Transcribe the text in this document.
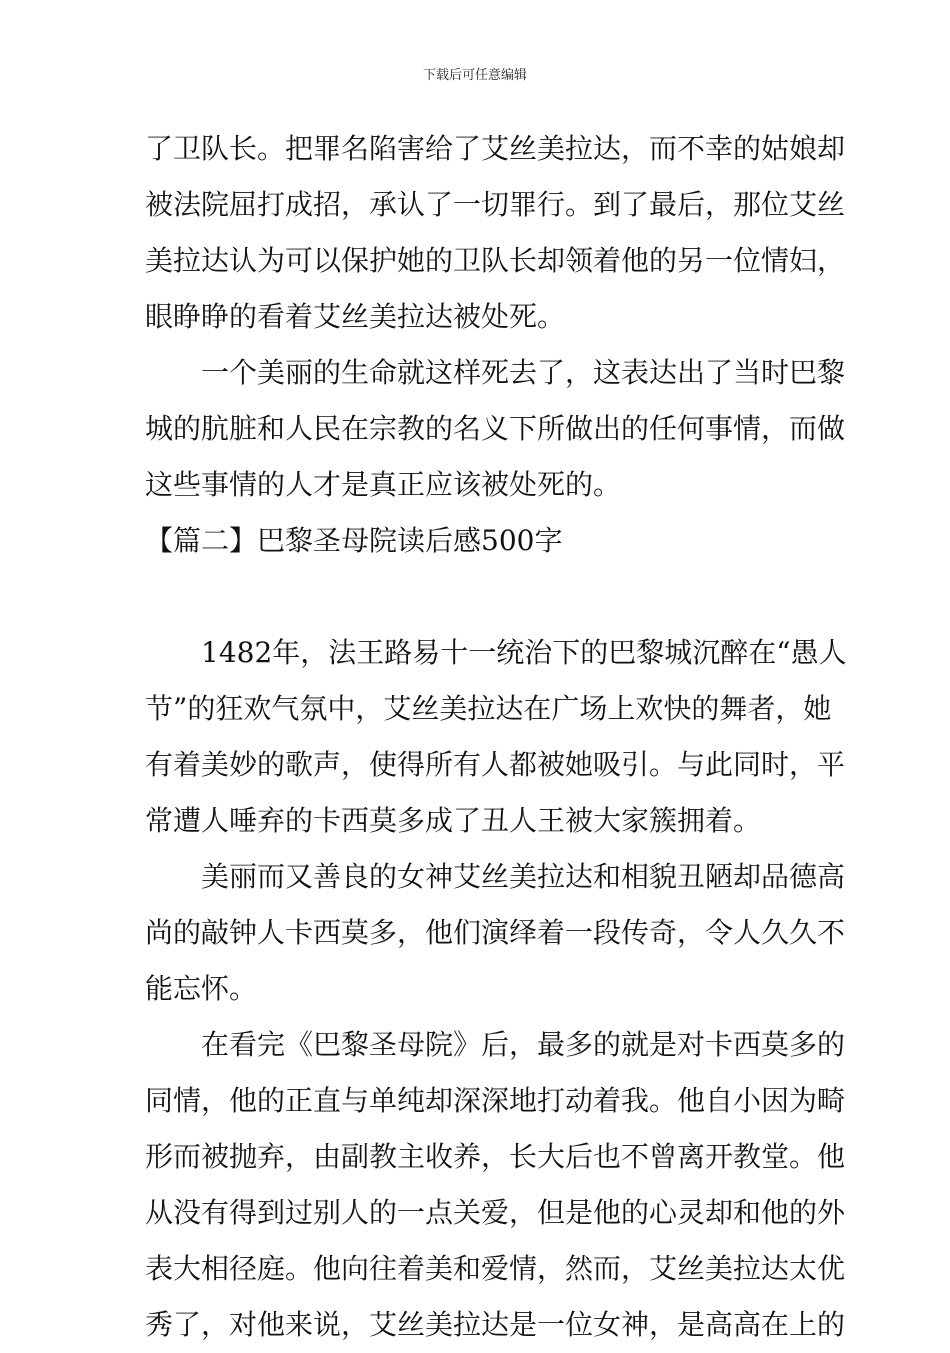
下载后可任意编辑
了卫队长。把罪名陷害给了艾丝美拉达，而不幸的姑娘却
被法院屈打成招，承认了一切罪行。到了最后，那位艾丝
美拉达认为可以保护她的卫队长却领着他的另一位情妇，
眼睁睁的看着艾丝美拉达被处死。
一个美丽的生命就这样死去了，这表达出了当时巴黎
城的肮脏和人民在宗教的名义下所做出的任何事情，而做
这些事情的人才是真正应该被处死的。
【篇二】巴黎圣母院读后感500字
1482年，法王路易十一统治下的巴黎城沉醉在“愚人
节”的狂欢气氛中，艾丝美拉达在广场上欢快的舞者，她
有着美妙的歌声，使得所有人都被她吸引。与此同时，平
常遭人唾弃的卡西莫多成了丑人王被大家簇拥着。
美丽而又善良的女神艾丝美拉达和相貌丑陋却品德高
尚的敲钟人卡西莫多，他们演绎着一段传奇，令人久久不
能忘怀。
在看完《巴黎圣母院》后，最多的就是对卡西莫多的
同情，他的正直与单纯却深深地打动着我。他自小因为畸
形而被抛弃，由副教主收养，长大后也不曾离开教堂。他
从没有得到过别人的一点关爱，但是他的心灵却和他的外
表大相径庭。他向往着美和爱情，然而，艾丝美拉达太优
秀了，对他来说，艾丝美拉达是一位女神，是高高在上的
